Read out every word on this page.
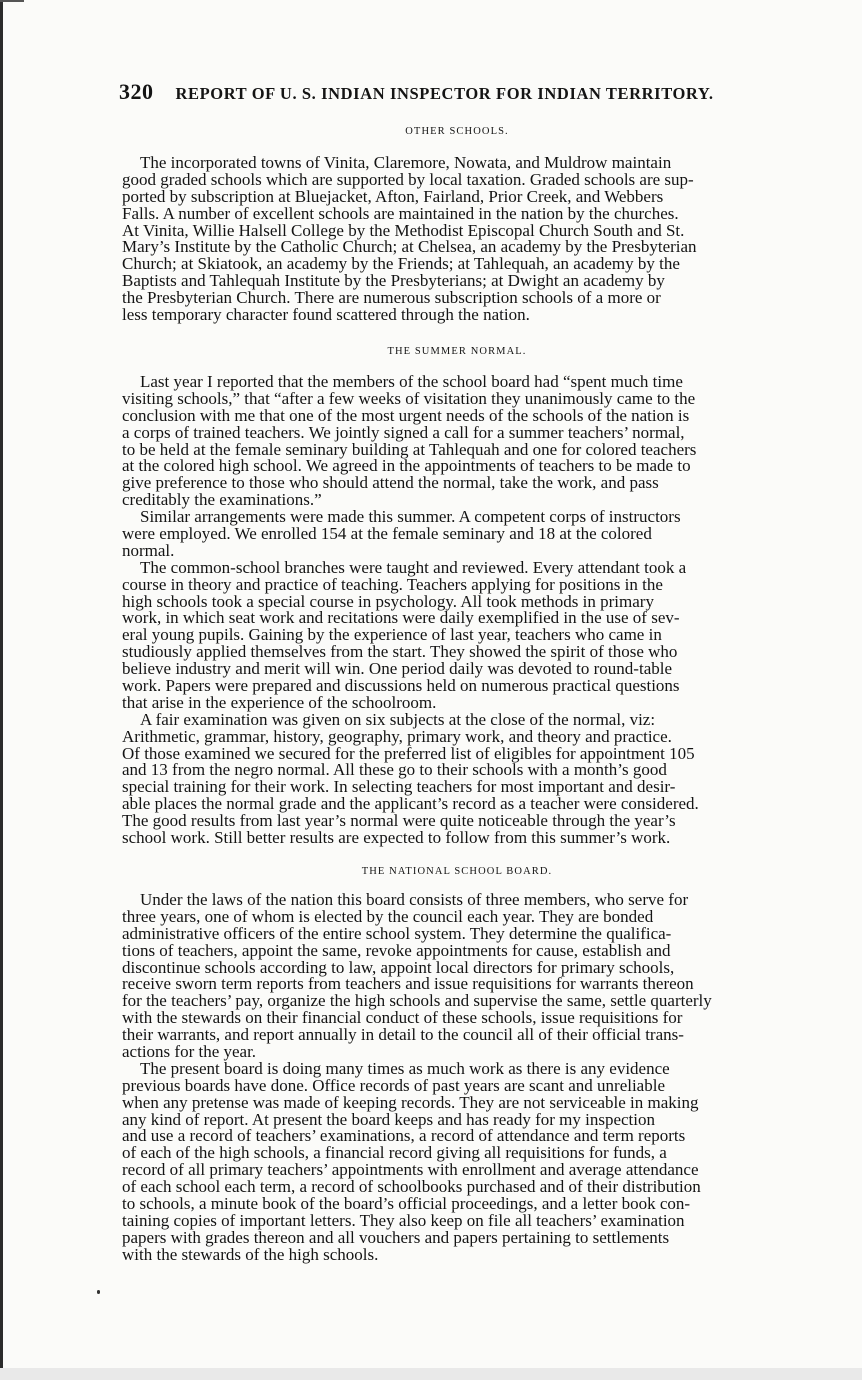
320 REPORT OF U. S. INDIAN INSPECTOR FOR INDIAN TERRITORY.
OTHER SCHOOLS.
The incorporated towns of Vinita, Claremore, Nowata, and Muldrow maintain
good graded schools which are supported by local taxation. Graded schools are sup-
ported by subscription at Bluejacket, Afton, Fairland, Prior Creek, and Webbers
Falls. A number of excellent schools are maintained in the nation by the churches.
At Vinita, Willie Halsell College by the Methodist Episcopal Church South and St.
Mary’s Institute by the Catholic Church; at Chelsea, an academy by the Presbyterian
Church; at Skiatook, an academy by the Friends; at Tahlequah, an academy by the
Baptists and Tahlequah Institute by the Presbyterians; at Dwight an academy by
the Presbyterian Church. There are numerous subscription schools of a more or
less temporary character found scattered through the nation.
THE SUMMER NORMAL.
Last year I reported that the members of the school board had “spent much time
visiting schools,” that “after a few weeks of visitation they unanimously came to the
conclusion with me that one of the most urgent needs of the schools of the nation is
a corps of trained teachers. We jointly signed a call for a summer teachers’ normal,
to be held at the female seminary building at Tahlequah and one for colored teachers
at the colored high school. We agreed in the appointments of teachers to be made to
give preference to those who should attend the normal, take the work, and pass
creditably the examinations.”
Similar arrangements were made this summer. A competent corps of instructors
were employed. We enrolled 154 at the female seminary and 18 at the colored
normal.
The common-school branches were taught and reviewed. Every attendant took a
course in theory and practice of teaching. Teachers applying for positions in the
high schools took a special course in psychology. All took methods in primary
work, in which seat work and recitations were daily exemplified in the use of sev-
eral young pupils. Gaining by the experience of last year, teachers who came in
studiously applied themselves from the start. They showed the spirit of those who
believe industry and merit will win. One period daily was devoted to round-table
work. Papers were prepared and discussions held on numerous practical questions
that arise in the experience of the schoolroom.
A fair examination was given on six subjects at the close of the normal, viz:
Arithmetic, grammar, history, geography, primary work, and theory and practice.
Of those examined we secured for the preferred list of eligibles for appointment 105
and 13 from the negro normal. All these go to their schools with a month’s good
special training for their work. In selecting teachers for most important and desir-
able places the normal grade and the applicant’s record as a teacher were considered.
The good results from last year’s normal were quite noticeable through the year’s
school work. Still better results are expected to follow from this summer’s work.
THE NATIONAL SCHOOL BOARD.
Under the laws of the nation this board consists of three members, who serve for
three years, one of whom is elected by the council each year. They are bonded
administrative officers of the entire school system. They determine the qualifica-
tions of teachers, appoint the same, revoke appointments for cause, establish and
discontinue schools according to law, appoint local directors for primary schools,
receive sworn term reports from teachers and issue requisitions for warrants thereon
for the teachers’ pay, organize the high schools and supervise the same, settle quarterly
with the stewards on their financial conduct of these schools, issue requisitions for
their warrants, and report annually in detail to the council all of their official trans-
actions for the year.
The present board is doing many times as much work as there is any evidence
previous boards have done. Office records of past years are scant and unreliable
when any pretense was made of keeping records. They are not serviceable in making
any kind of report. At present the board keeps and has ready for my inspection
and use a record of teachers’ examinations, a record of attendance and term reports
of each of the high schools, a financial record giving all requisitions for funds, a
record of all primary teachers’ appointments with enrollment and average attendance
of each school each term, a record of schoolbooks purchased and of their distribution
to schools, a minute book of the board’s official proceedings, and a letter book con-
taining copies of important letters. They also keep on file all teachers’ examination
papers with grades thereon and all vouchers and papers pertaining to settlements
with the stewards of the high schools.
